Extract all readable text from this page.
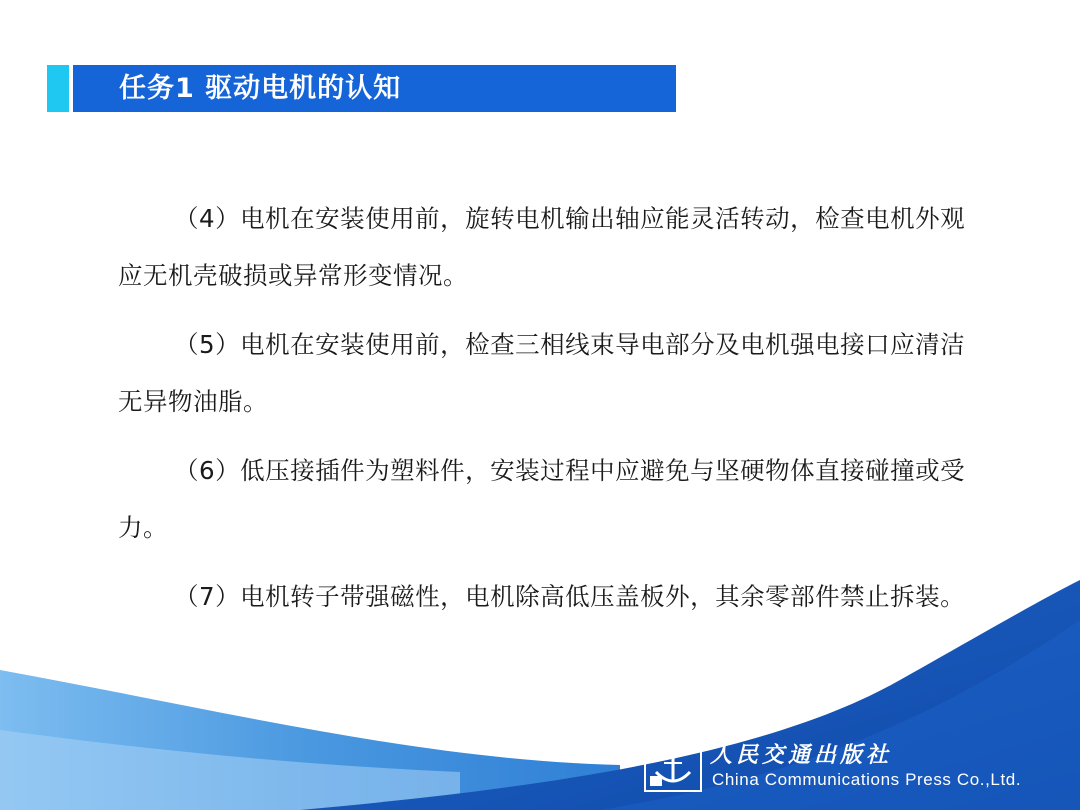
任务1 驱动电机的认知

（4）电机在安装使用前，旋转电机输出轴应能灵活转动，检查电机外观应无机壳破损或异常形变情况。

（5）电机在安装使用前，检查三相线束导电部分及电机强电接口应清洁无异物油脂。

（6）低压接插件为塑料件，安装过程中应避免与坚硬物体直接碰撞或受力。

（7）电机转子带强磁性，电机除高低压盖板外，其余零部件禁止拆装。

人民交通出版社
China Communications Press Co.,Ltd.
